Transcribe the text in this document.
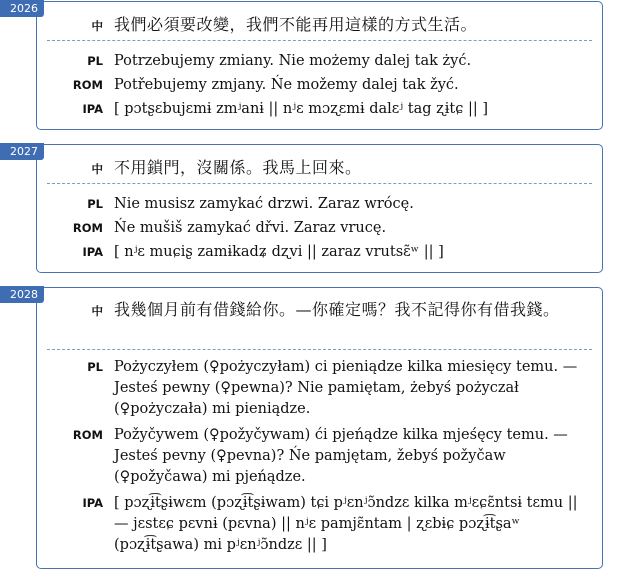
中 我們必須要改變，我們不能再用這樣的方式生活。
PL Potrzebujemy zmiany. Nie możemy dalej tak żyć.
ROM Potřebujemy zmjany. Ńe možemy dalej tak žyć.
IPA [ pɔtʂɛbujɛmɨ zmʲanɨ || nʲɛ mɔʐɛmɨ dalɛʲ tag ʐɨtɕ || ]
2026
中 不用鎖門，沒關係。我馬上回來。
PL Nie musisz zamykać drzwi. Zaraz wrócę.
ROM Ńe mušiš zamykać dřvi. Zaraz vrucę.
IPA [ nʲɛ muɕiʂ zamɨkadʑ dʐvi || zaraz vrutsɛ̃ʷ || ]
2027
中 我幾個月前有借錢給你。—你確定嗎？我不記得你有借我錢。
PL Pożyczyłem (♀pożyczyłam) ci pieniądze kilka miesięcy temu. — Jesteś pewny (♀pewna)? Nie pamiętam, żebyś pożyczał (♀pożyczała) mi pieniądze.
ROM Požyčywem (♀požyčywam) ći pjeńądze kilka mjeśęcy temu. — Jesteś pevny (♀pevna)? Ńe pamjętam, žebyś požyčaw (♀požyčawa) mi pjeńądze.
IPA [ pɔʐɨ͡tʂɨwɛm (pɔʐɨ͡tʂɨwam) tɕi pʲɛnʲɔ̃ndzɛ kilka mʲɛɕɛ̃ntsɨ tɛmu || — jɛstɛɕ pɛvnɨ (pɛvna) || nʲɛ pamjɛ̃ntam | ʐɛbɨɕ pɔʐɨ͡tʂaʷ (pɔʐɨ͡tʂawa) mi pʲɛnʲɔ̃ndzɛ || ]
2028
